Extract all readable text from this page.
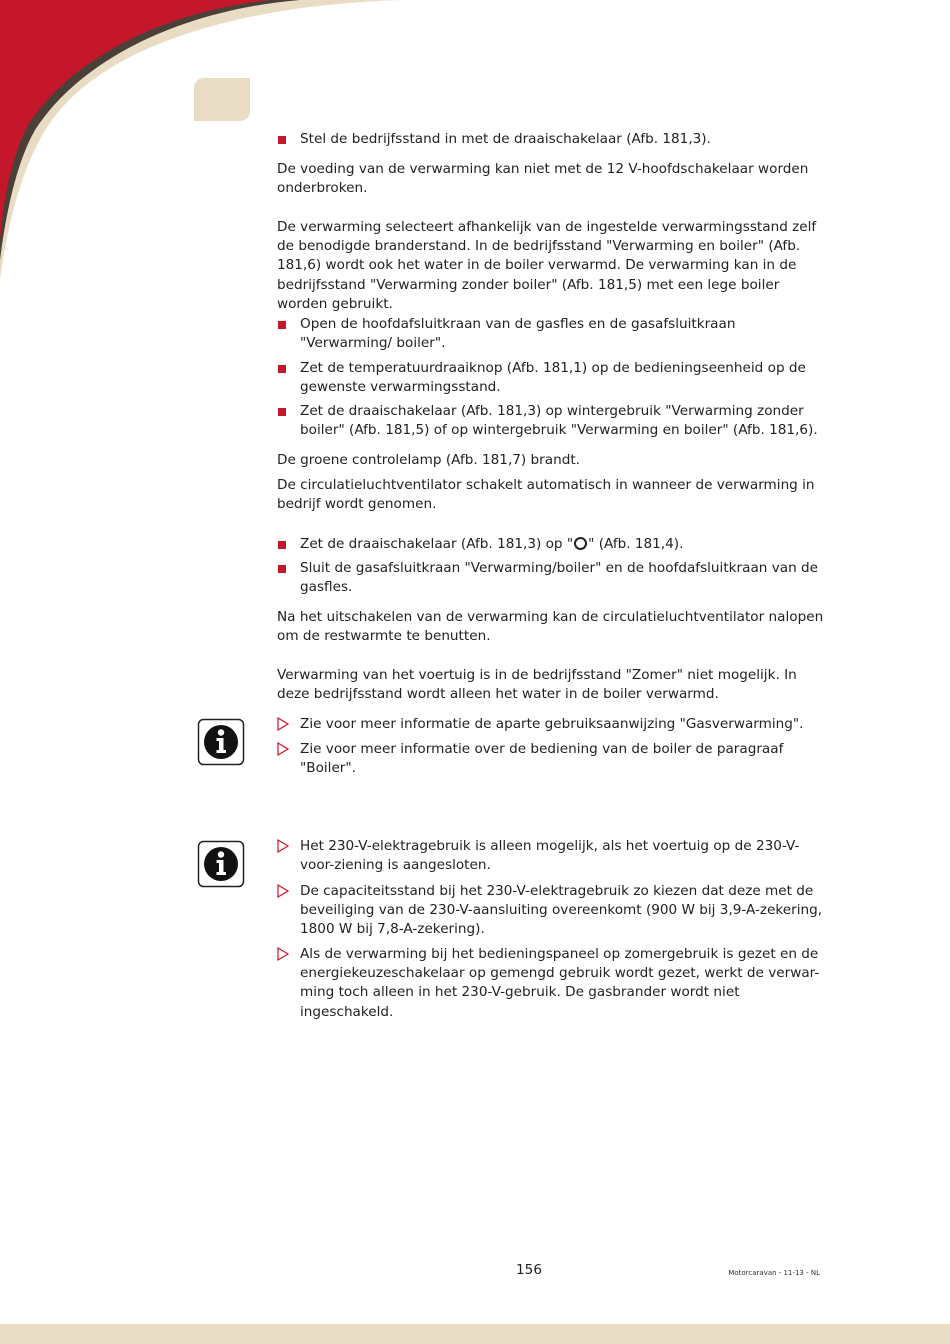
Stel de bedrijfsstand in met de draaischakelaar (Afb. 181,3).

De voeding van de verwarming kan niet met de 12 V-hoofdschakelaar worden onderbroken.

De verwarming selecteert afhankelijk van de ingestelde verwarmingsstand zelf de benodigde branderstand. In de bedrijfsstand "Verwarming en boiler" (Afb. 181,6) wordt ook het water in de boiler verwarmd. De verwarming kan in de bedrijfsstand "Verwarming zonder boiler" (Afb. 181,5) met een lege boiler worden gebruikt.

Open de hoofdafsluitkraan van de gasfles en de gasafsluitkraan "Verwarming/ boiler".
Zet de temperatuurdraaiknop (Afb. 181,1) op de bedieningseenheid op de gewenste verwarmingsstand.
Zet de draaischakelaar (Afb. 181,3) op wintergebruik "Verwarming zonder boiler" (Afb. 181,5) of op wintergebruik "Verwarming en boiler" (Afb. 181,6).

De groene controlelamp (Afb. 181,7) brandt.

De circulatieluchtventilator schakelt automatisch in wanneer de verwarming in bedrijf wordt genomen.

Zet de draaischakelaar (Afb. 181,3) op " " (Afb. 181,4).
Sluit de gasafsluitkraan "Verwarming/boiler" en de hoofdafsluitkraan van de gasfles.

Na het uitschakelen van de verwarming kan de circulatieluchtventilator nalopen om de restwarmte te benutten.

Verwarming van het voertuig is in de bedrijfsstand "Zomer" niet mogelijk. In deze bedrijfsstand wordt alleen het water in de boiler verwarmd.

Zie voor meer informatie de aparte gebruiksaanwijzing "Gasverwarming".
Zie voor meer informatie over de bediening van de boiler de paragraaf "Boiler".
Het 230-V-elektragebruik is alleen mogelijk, als het voertuig op de 230-V-voor-ziening is aangesloten.
De capaciteitsstand bij het 230-V-elektragebruik zo kiezen dat deze met de beveiliging van de 230-V-aansluiting overeenkomt (900 W bij 3,9-A-zekering, 1800 W bij 7,8-A-zekering).
Als de verwarming bij het bedieningspaneel op zomergebruik is gezet en de energiekeuzeschakelaar op gemengd gebruik wordt gezet, werkt de verwar-ming toch alleen in het 230-V-gebruik. De gasbrander wordt niet ingeschakeld.
156	Motorcaravan - 11-13 - NL
